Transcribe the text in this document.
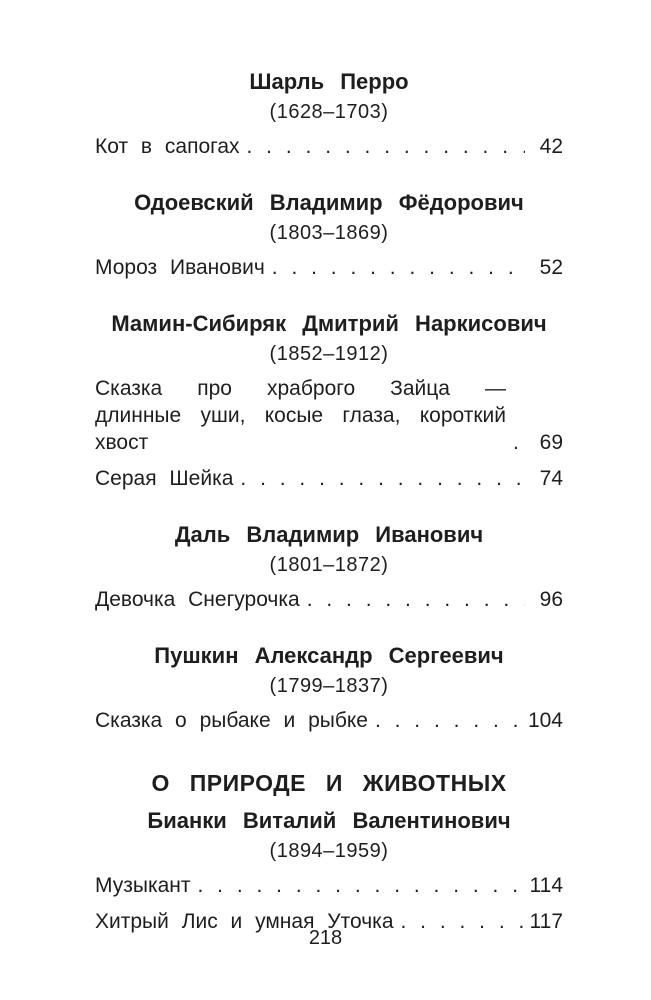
Шарль Перро
(1628–1703)
Кот в сапогах . . .	42
Одоевский Владимир Фёдорович
(1803–1869)
Мороз Иванович . . .	52
Мамин-Сибиряк Дмитрий Наркисович
(1852–1912)
Сказка про храброго Зайца — длинные уши, косые глаза, короткий хвост . . .	69
Серая Шейка . . .	74
Даль Владимир Иванович
(1801–1872)
Девочка Снегурочка . . .	96
Пушкин Александр Сергеевич
(1799–1837)
Сказка о рыбаке и рыбке . . .	104
О ПРИРОДЕ И ЖИВОТНЫХ
Бианки Виталий Валентинович
(1894–1959)
Музыкант . . .	114
Хитрый Лис и умная Уточка . . .	117
218
